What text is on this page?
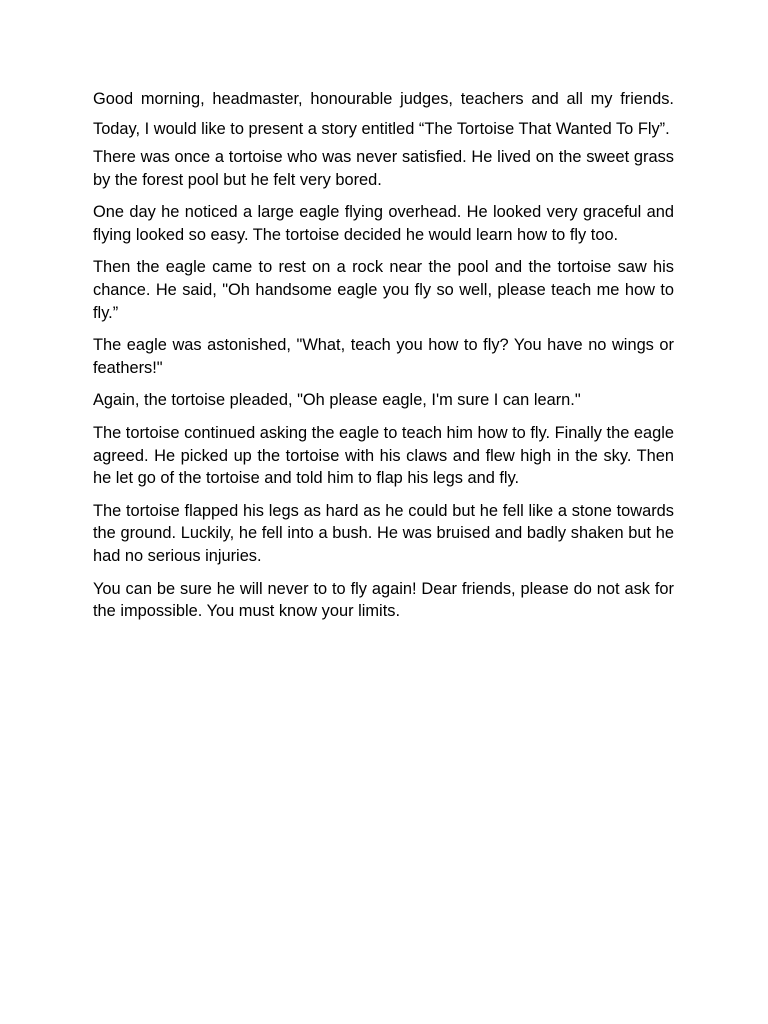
Good morning, headmaster, honourable judges, teachers and all my friends. Today, I would like to present a story entitled “The Tortoise That Wanted To Fly”.

There was once a tortoise who was never satisfied. He lived on the sweet grass by the forest pool but he felt very bored.

One day he noticed a large eagle flying overhead. He looked very graceful and flying looked so easy. The tortoise decided he would learn how to fly too.

Then the eagle came to rest on a rock near the pool and the tortoise saw his chance. He said, "Oh handsome eagle you fly so well, please teach me how to fly.”

The eagle was astonished, "What, teach you how to fly? You have no wings or feathers!"

Again, the tortoise pleaded, "Oh please eagle, I'm sure I can learn."

The tortoise continued asking the eagle to teach him how to fly. Finally the eagle agreed. He picked up the tortoise with his claws and flew high in the sky. Then he let go of the tortoise and told him to flap his legs and fly.

The tortoise flapped his legs as hard as he could but he fell like a stone towards the ground. Luckily, he fell into a bush. He was bruised and badly shaken but he had no serious injuries.

You can be sure he will never to to fly again! Dear friends, please do not ask for the impossible. You must know your limits.
